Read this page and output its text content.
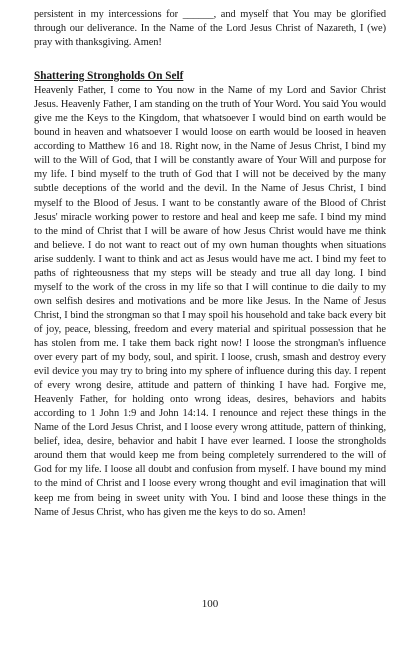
persistent in my intercessions for ______, and myself that You may be glorified through our deliverance. In the Name of the Lord Jesus Christ of Nazareth, I (we) pray with thanksgiving. Amen!

Shattering Strongholds On Self

Heavenly Father, I come to You now in the Name of my Lord and Savior Christ Jesus. Heavenly Father, I am standing on the truth of Your Word. You said You would give me the Keys to the Kingdom, that whatsoever I would bind on earth would be bound in heaven and whatsoever I would loose on earth would be loosed in heaven according to Matthew 16 and 18. Right now, in the Name of Jesus Christ, I bind my will to the Will of God, that I will be constantly aware of Your Will and purpose for my life. I bind myself to the truth of God that I will not be deceived by the many subtle deceptions of the world and the devil. In the Name of Jesus Christ, I bind myself to the Blood of Jesus. I want to be constantly aware of the Blood of Christ Jesus' miracle working power to restore and heal and keep me safe. I bind my mind to the mind of Christ that I will be aware of how Jesus Christ would have me think and believe. I do not want to react out of my own human thoughts when situations arise suddenly. I want to think and act as Jesus would have me act. I bind my feet to paths of righteousness that my steps will be steady and true all day long. I bind myself to the work of the cross in my life so that I will continue to die daily to my own selfish desires and motivations and be more like Jesus. In the Name of Jesus Christ, I bind the strongman so that I may spoil his household and take back every bit of joy, peace, blessing, freedom and every material and spiritual possession that he has stolen from me. I take them back right now! I loose the strongman's influence over every part of my body, soul, and spirit. I loose, crush, smash and destroy every evil device you may try to bring into my sphere of influence during this day. I repent of every wrong desire, attitude and pattern of thinking I have had. Forgive me, Heavenly Father, for holding onto wrong ideas, desires, behaviors and habits according to 1 John 1:9 and John 14:14. I renounce and reject these things in the Name of the Lord Jesus Christ, and I loose every wrong attitude, pattern of thinking, belief, idea, desire, behavior and habit I have ever learned. I loose the strongholds around them that would keep me from being completely surrendered to the will of God for my life. I loose all doubt and confusion from myself. I have bound my mind to the mind of Christ and I loose every wrong thought and evil imagination that will keep me from being in sweet unity with You. I bind and loose these things in the Name of Jesus Christ, who has given me the keys to do so. Amen!

100
